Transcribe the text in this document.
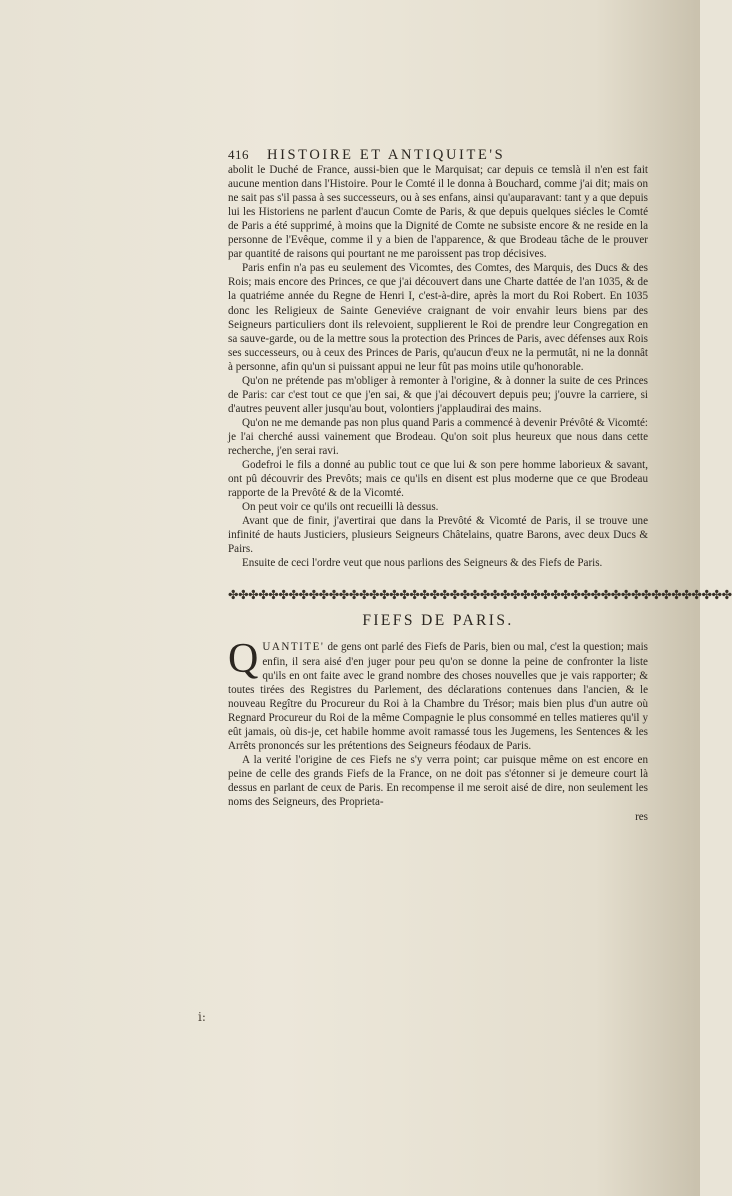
416 HISTOIRE ET ANTIQUITE'S

abolit le Duché de France, aussi-bien que le Marquisat; car depuis ce temslà il n'en est fait aucune mention dans l'Histoire. Pour le Comté il le donna à Bouchard, comme j'ai dit; mais on ne sait pas s'il passa à ses successeurs, ou à ses enfans, ainsi qu'auparavant: tant y a que depuis lui les Historiens ne parlent d'aucun Comte de Paris, & que depuis quelques siécles le Comté de Paris a été supprimé, à moins que la Dignité de Comte ne subsiste encore & ne reside en la personne de l'Evêque, comme il y a bien de l'apparence, & que Brodeau tâche de le prouver par quantité de raisons qui pourtant ne me paroissent pas trop décisives.

Paris enfin n'a pas eu seulement des Vicomtes, des Comtes, des Marquis, des Ducs & des Rois; mais encore des Princes, ce que j'ai découvert dans une Charte dattée de l'an 1035, & de la quatriéme année du Regne de Henri I, c'est-à-dire, après la mort du Roi Robert. En 1035 donc les Religieux de Sainte Geneviéve craignant de voir envahir leurs biens par des Seigneurs particuliers dont ils relevoient, supplierent le Roi de prendre leur Congregation en sa sauve-garde, ou de la mettre sous la protection des Princes de Paris, avec défenses aux Rois ses successeurs, ou à ceux des Princes de Paris, qu'aucun d'eux ne la permutât, ni ne la donnât à personne, afin qu'un si puissant appui ne leur fût pas moins utile qu'honorable.

Qu'on ne prétende pas m'obliger à remonter à l'origine, & à donner la suite de ces Princes de Paris: car c'est tout ce que j'en sai, & que j'ai découvert depuis peu; j'ouvre la carriere, si d'autres peuvent aller jusqu'au bout, volontiers j'applaudirai des mains.

Qu'on ne me demande pas non plus quand Paris a commencé à devenir Prévôté & Vicomté: je l'ai cherché aussi vainement que Brodeau. Qu'on soit plus heureux que nous dans cette recherche, j'en serai ravi.

Godefroi le fils a donné au public tout ce que lui & son pere homme laborieux & savant, ont pû découvrir des Prevôts; mais ce qu'ils en disent est plus moderne que ce que Brodeau rapporte de la Prevôté & de la Vicomté.

On peut voir ce qu'ils ont recueilli là dessus.

Avant que de finir, j'avertirai que dans la Prevôté & Vicomté de Paris, il se trouve une infinité de hauts Justiciers, plusieurs Seigneurs Châtelains, quatre Barons, avec deux Ducs & Pairs.

Ensuite de ceci l'ordre veut que nous parlions des Seigneurs & des Fiefs de Paris.

✤✤✤✤✤✤✤✤✤✤✤✤✤✤✤✤✤✤✤✤✤✤✤✤✤✤✤✤✤✤✤✤✤✤✤✤✤✤✤✤✤✤✤✤✤✤✤✤✤✤
FIEFS DE PARIS.

QUANTITE' de gens ont parlé des Fiefs de Paris, bien ou mal, c'est la question; mais enfin, il sera aisé d'en juger pour peu qu'on se donne la peine de confronter la liste qu'ils en ont faite avec le grand nombre des choses nouvelles que je vais rapporter; & toutes tirées des Registres du Parlement, des déclarations contenues dans l'ancien, & le nouveau Regître du Procureur du Roi à la Chambre du Trésor; mais bien plus d'un autre où Regnard Procureur du Roi de la même Compagnie le plus consommé en telles matieres qu'il y eût jamais, où dis-je, cet habile homme avoit ramassé tous les Jugemens, les Sentences & les Arrêts prononcés sur les prétentions des Seigneurs féodaux de Paris.

A la verité l'origine de ces Fiefs ne s'y verra point; car puisque même on est encore en peine de celle des grands Fiefs de la France, on ne doit pas s'étonner si je demeure court là dessus en parlant de ceux de Paris. En recompense il me seroit aisé de dire, non seulement les noms des Seigneurs, des Proprieta-

res
i:
